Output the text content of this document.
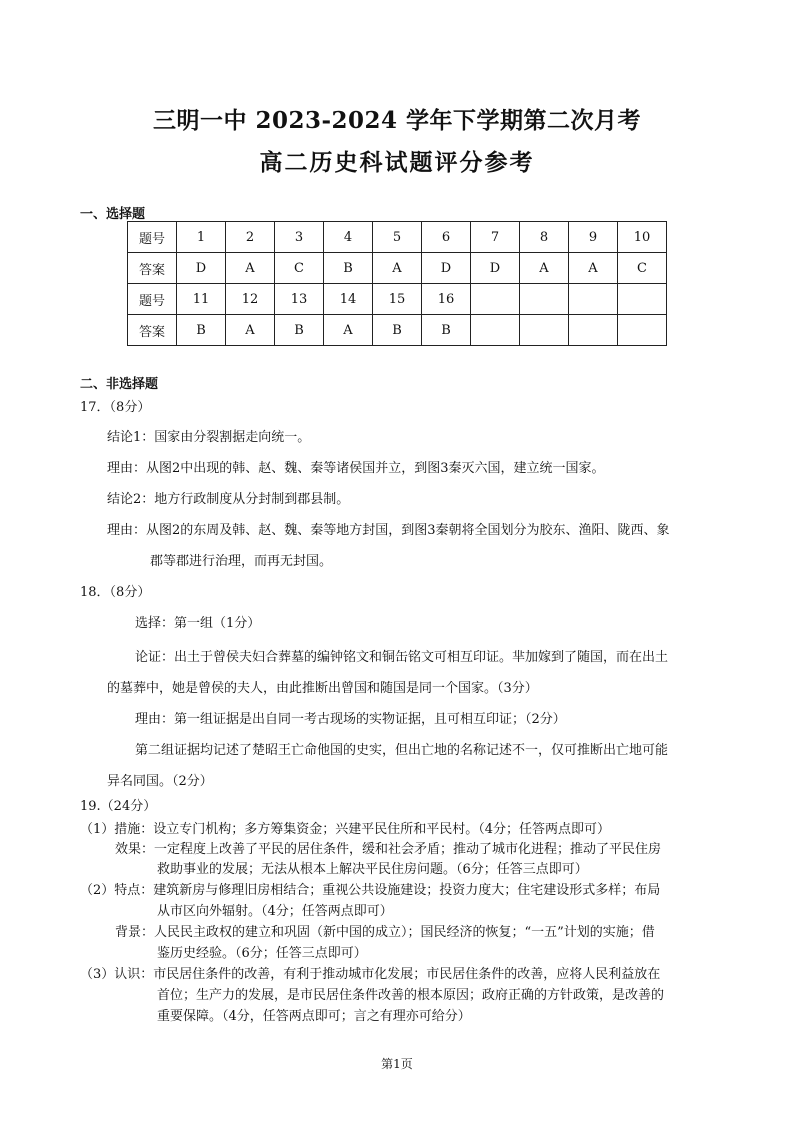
三明一中 2023-2024 学年下学期第二次月考
高二历史科试题评分参考
一、选择题
题号	1	2	3	4	5	6	7	8	9	10
答案	D	A	C	B	A	D	D	A	A	C
题号	11	12	13	14	15	16				
答案	B	A	B	A	B	B				
二、非选择题
17．（8分）
结论1：国家由分裂割据走向统一。
理由：从图2中出现的韩、赵、魏、秦等诸侯国并立，到图3秦灭六国，建立统一国家。
结论2：地方行政制度从分封制到郡县制。
理由：从图2的东周及韩、赵、魏、秦等地方封国，到图3秦朝将全国划分为胶东、渔阳、陇西、象
郡等郡进行治理，而再无封国。
18．（8分）
选择：第一组（1分）
论证：出土于曾侯夫妇合葬墓的编钟铭文和铜缶铭文可相互印证。芈加嫁到了随国，而在出土
的墓葬中，她是曾侯的夫人，由此推断出曾国和随国是同一个国家。（3分）
理由：第一组证据是出自同一考古现场的实物证据，且可相互印证；（2分）
第二组证据均记述了楚昭王亡命他国的史实，但出亡地的名称记述不一，仅可推断出亡地可能
异名同国。（2分）
19.（24分）
（1）措施：设立专门机构；多方筹集资金；兴建平民住所和平民村。（4分；任答两点即可）
效果：一定程度上改善了平民的居住条件，缓和社会矛盾；推动了城市化进程；推动了平民住房
救助事业的发展；无法从根本上解决平民住房问题。（6分；任答三点即可）
（2）特点：建筑新房与修理旧房相结合；重视公共设施建设；投资力度大；住宅建设形式多样；布局
从市区向外辐射。（4分；任答两点即可）
背景：人民民主政权的建立和巩固（新中国的成立）；国民经济的恢复；“一五”计划的实施；借
鉴历史经验。（6分；任答三点即可）
（3）认识：市民居住条件的改善，有利于推动城市化发展；市民居住条件的改善，应将人民利益放在
首位；生产力的发展，是市民居住条件改善的根本原因；政府正确的方针政策，是改善的
重要保障。（4分，任答两点即可；言之有理亦可给分）
第1页
